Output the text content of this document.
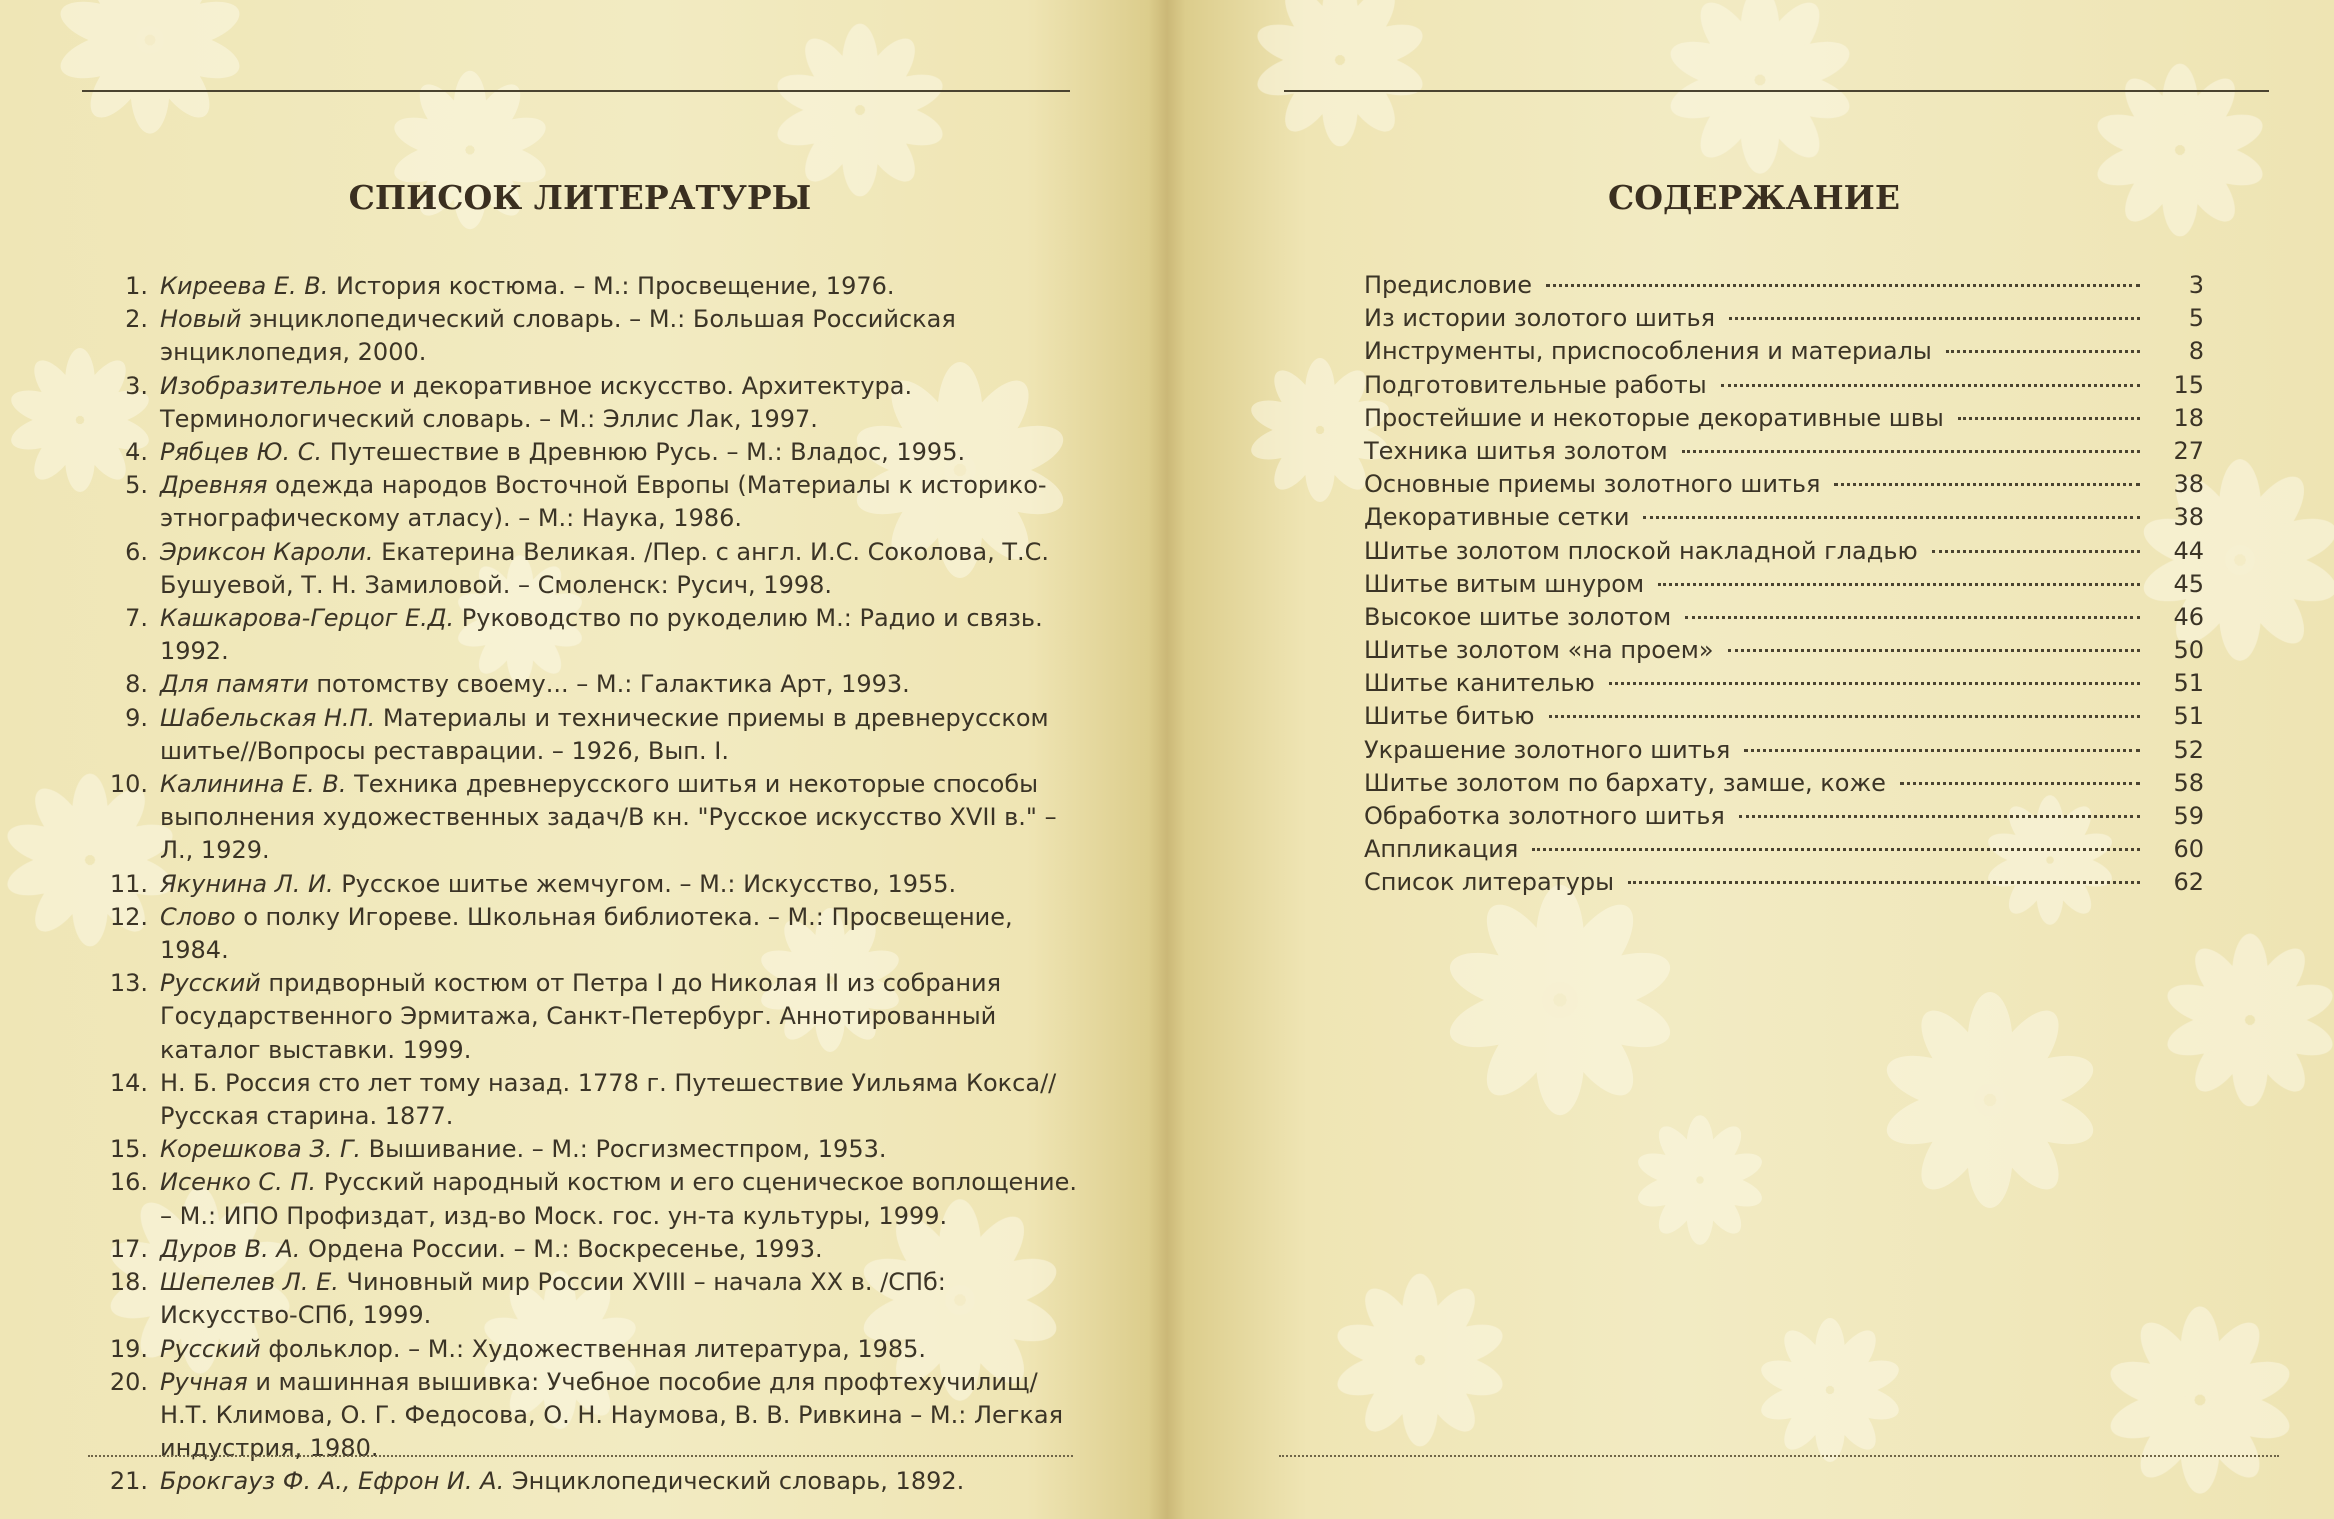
СПИСОК ЛИТЕРАТУРЫ
1. Киреева Е. В. История костюма. – М.: Просвещение, 1976.
2. Новый энциклопедический словарь. – М.: Большая Российская энциклопедия, 2000.
3. Изобразительное и декоративное искусство. Архитектура. Терминологический словарь. – М.: Эллис Лак, 1997.
4. Рябцев Ю. С. Путешествие в Древнюю Русь. – М.: Владос, 1995.
5. Древняя одежда народов Восточной Европы (Материалы к историко-этнографическому атласу). – М.: Наука, 1986.
6. Эриксон Кароли. Екатерина Великая. /Пер. с англ. И.С. Соколова, Т.С. Бушуевой, Т. Н. Замиловой. – Смоленск: Русич, 1998.
7. Кашкарова-Герцог Е.Д. Руководство по рукоделию М.: Радио и связь. 1992.
8. Для памяти потомству своему... – М.: Галактика Арт, 1993.
9. Шабельская Н.П. Материалы и технические приемы в древнерусском шитье//Вопросы реставрации. – 1926, Вып. I.
10. Калинина Е. В. Техника древнерусского шитья и некоторые способы выполнения художественных задач/В кн. "Русское искусство XVII в." – Л., 1929.
11. Якунина Л. И. Русское шитье жемчугом. – М.: Искусство, 1955.
12. Слово о полку Игореве. Школьная библиотека. – М.: Просвещение, 1984.
13. Русский придворный костюм от Петра I до Николая II из собрания Государственного Эрмитажа, Санкт-Петербург. Аннотированный каталог выставки. 1999.
14. Н. Б. Россия сто лет тому назад. 1778 г. Путешествие Уильяма Кокса//Русская старина. 1877.
15. Корешкова З. Г. Вышивание. – М.: Росгизместпром, 1953.
16. Исенко С. П. Русский народный костюм и его сценическое воплощение. – М.: ИПО Профиздат, изд-во Моск. гос. ун-та культуры, 1999.
17. Дуров В. А. Ордена России. – М.: Воскресенье, 1993.
18. Шепелев Л. Е. Чиновный мир России XVIII – начала XX в. /СПб: Искусство-СПб, 1999.
19. Русский фольклор. – М.: Художественная литература, 1985.
20. Ручная и машинная вышивка: Учебное пособие для профтехучилищ/Н.Т. Климова, О. Г. Федосова, О. Н. Наумова, В. В. Ривкина – М.: Легкая индустрия, 1980.
21. Брокгауз Ф. А., Ефрон И. А. Энциклопедический словарь, 1892.
СОДЕРЖАНИЕ
Предисловие	3
Из истории золотого шитья	5
Инструменты, приспособления и материалы	8
Подготовительные работы	15
Простейшие и некоторые декоративные швы	18
Техника шитья золотом	27
Основные приемы золотного шитья	38
Декоративные сетки	38
Шитье золотом плоской накладной гладью	44
Шитье витым шнуром	45
Высокое шитье золотом	46
Шитье золотом «на проем»	50
Шитье канителью	51
Шитье битью	51
Украшение золотного шитья	52
Шитье золотом по бархату, замше, коже	58
Обработка золотного шитья	59
Аппликация	60
Список литературы	62
